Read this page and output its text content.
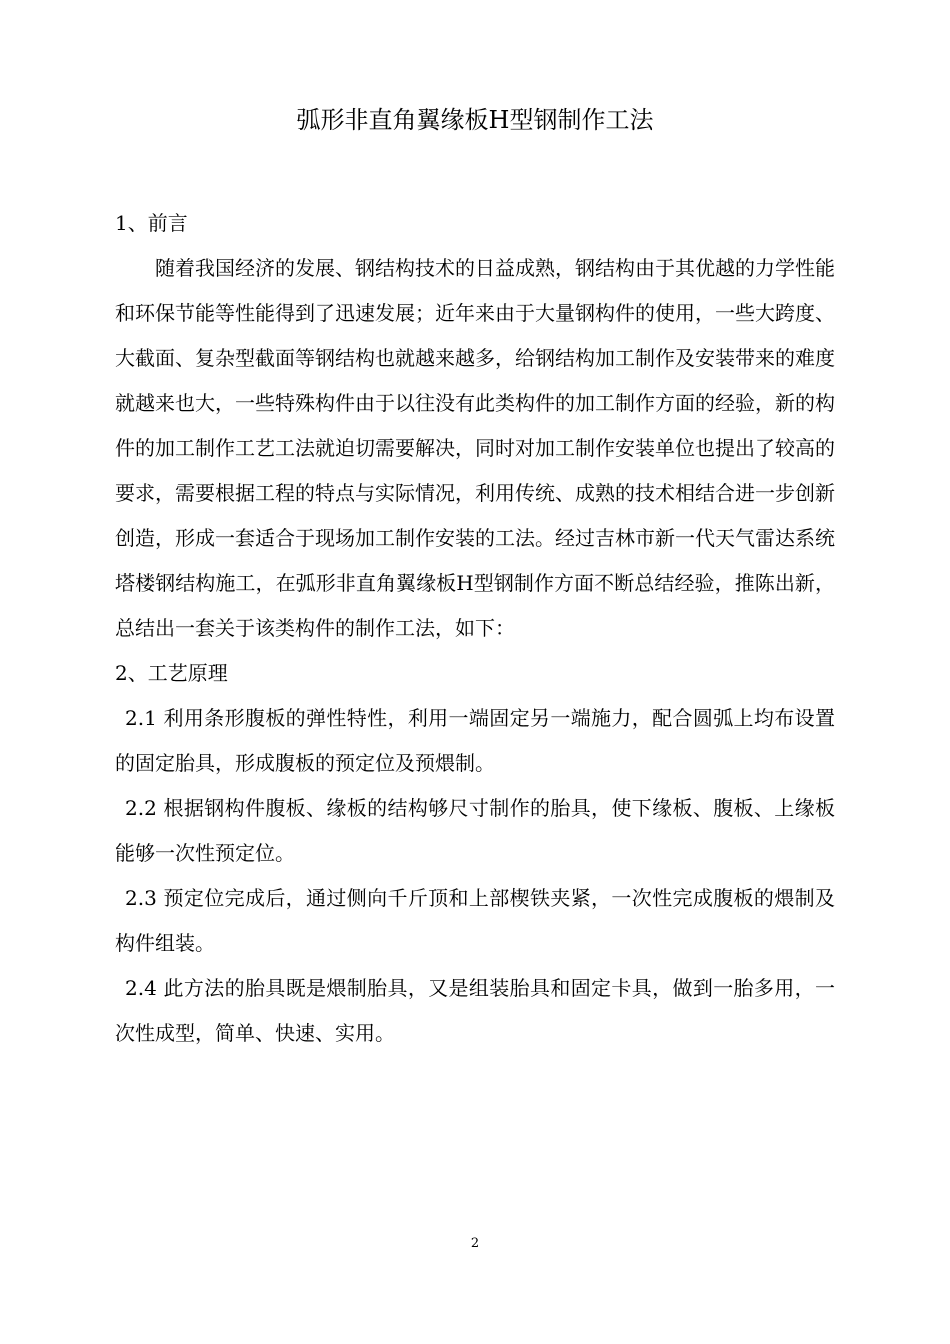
弧形非直角翼缘板H型钢制作工法

1、前言

随着我国经济的发展、钢结构技术的日益成熟，钢结构由于其优越的力学性能和环保节能等性能得到了迅速发展；近年来由于大量钢构件的使用，一些大跨度、大截面、复杂型截面等钢结构也就越来越多，给钢结构加工制作及安装带来的难度就越来也大，一些特殊构件由于以往没有此类构件的加工制作方面的经验，新的构件的加工制作工艺工法就迫切需要解决，同时对加工制作安装单位也提出了较高的要求，需要根据工程的特点与实际情况，利用传统、成熟的技术相结合进一步创新创造，形成一套适合于现场加工制作安装的工法。经过吉林市新一代天气雷达系统塔楼钢结构施工，在弧形非直角翼缘板H型钢制作方面不断总结经验，推陈出新，总结出一套关于该类构件的制作工法，如下：

2、工艺原理

2.1 利用条形腹板的弹性特性，利用一端固定另一端施力，配合圆弧上均布设置的固定胎具，形成腹板的预定位及预煨制。

2.2 根据钢构件腹板、缘板的结构够尺寸制作的胎具，使下缘板、腹板、上缘板能够一次性预定位。

2.3 预定位完成后，通过侧向千斤顶和上部楔铁夹紧，一次性完成腹板的煨制及构件组装。

2.4 此方法的胎具既是煨制胎具，又是组装胎具和固定卡具，做到一胎多用，一次性成型，简单、快速、实用。

2
